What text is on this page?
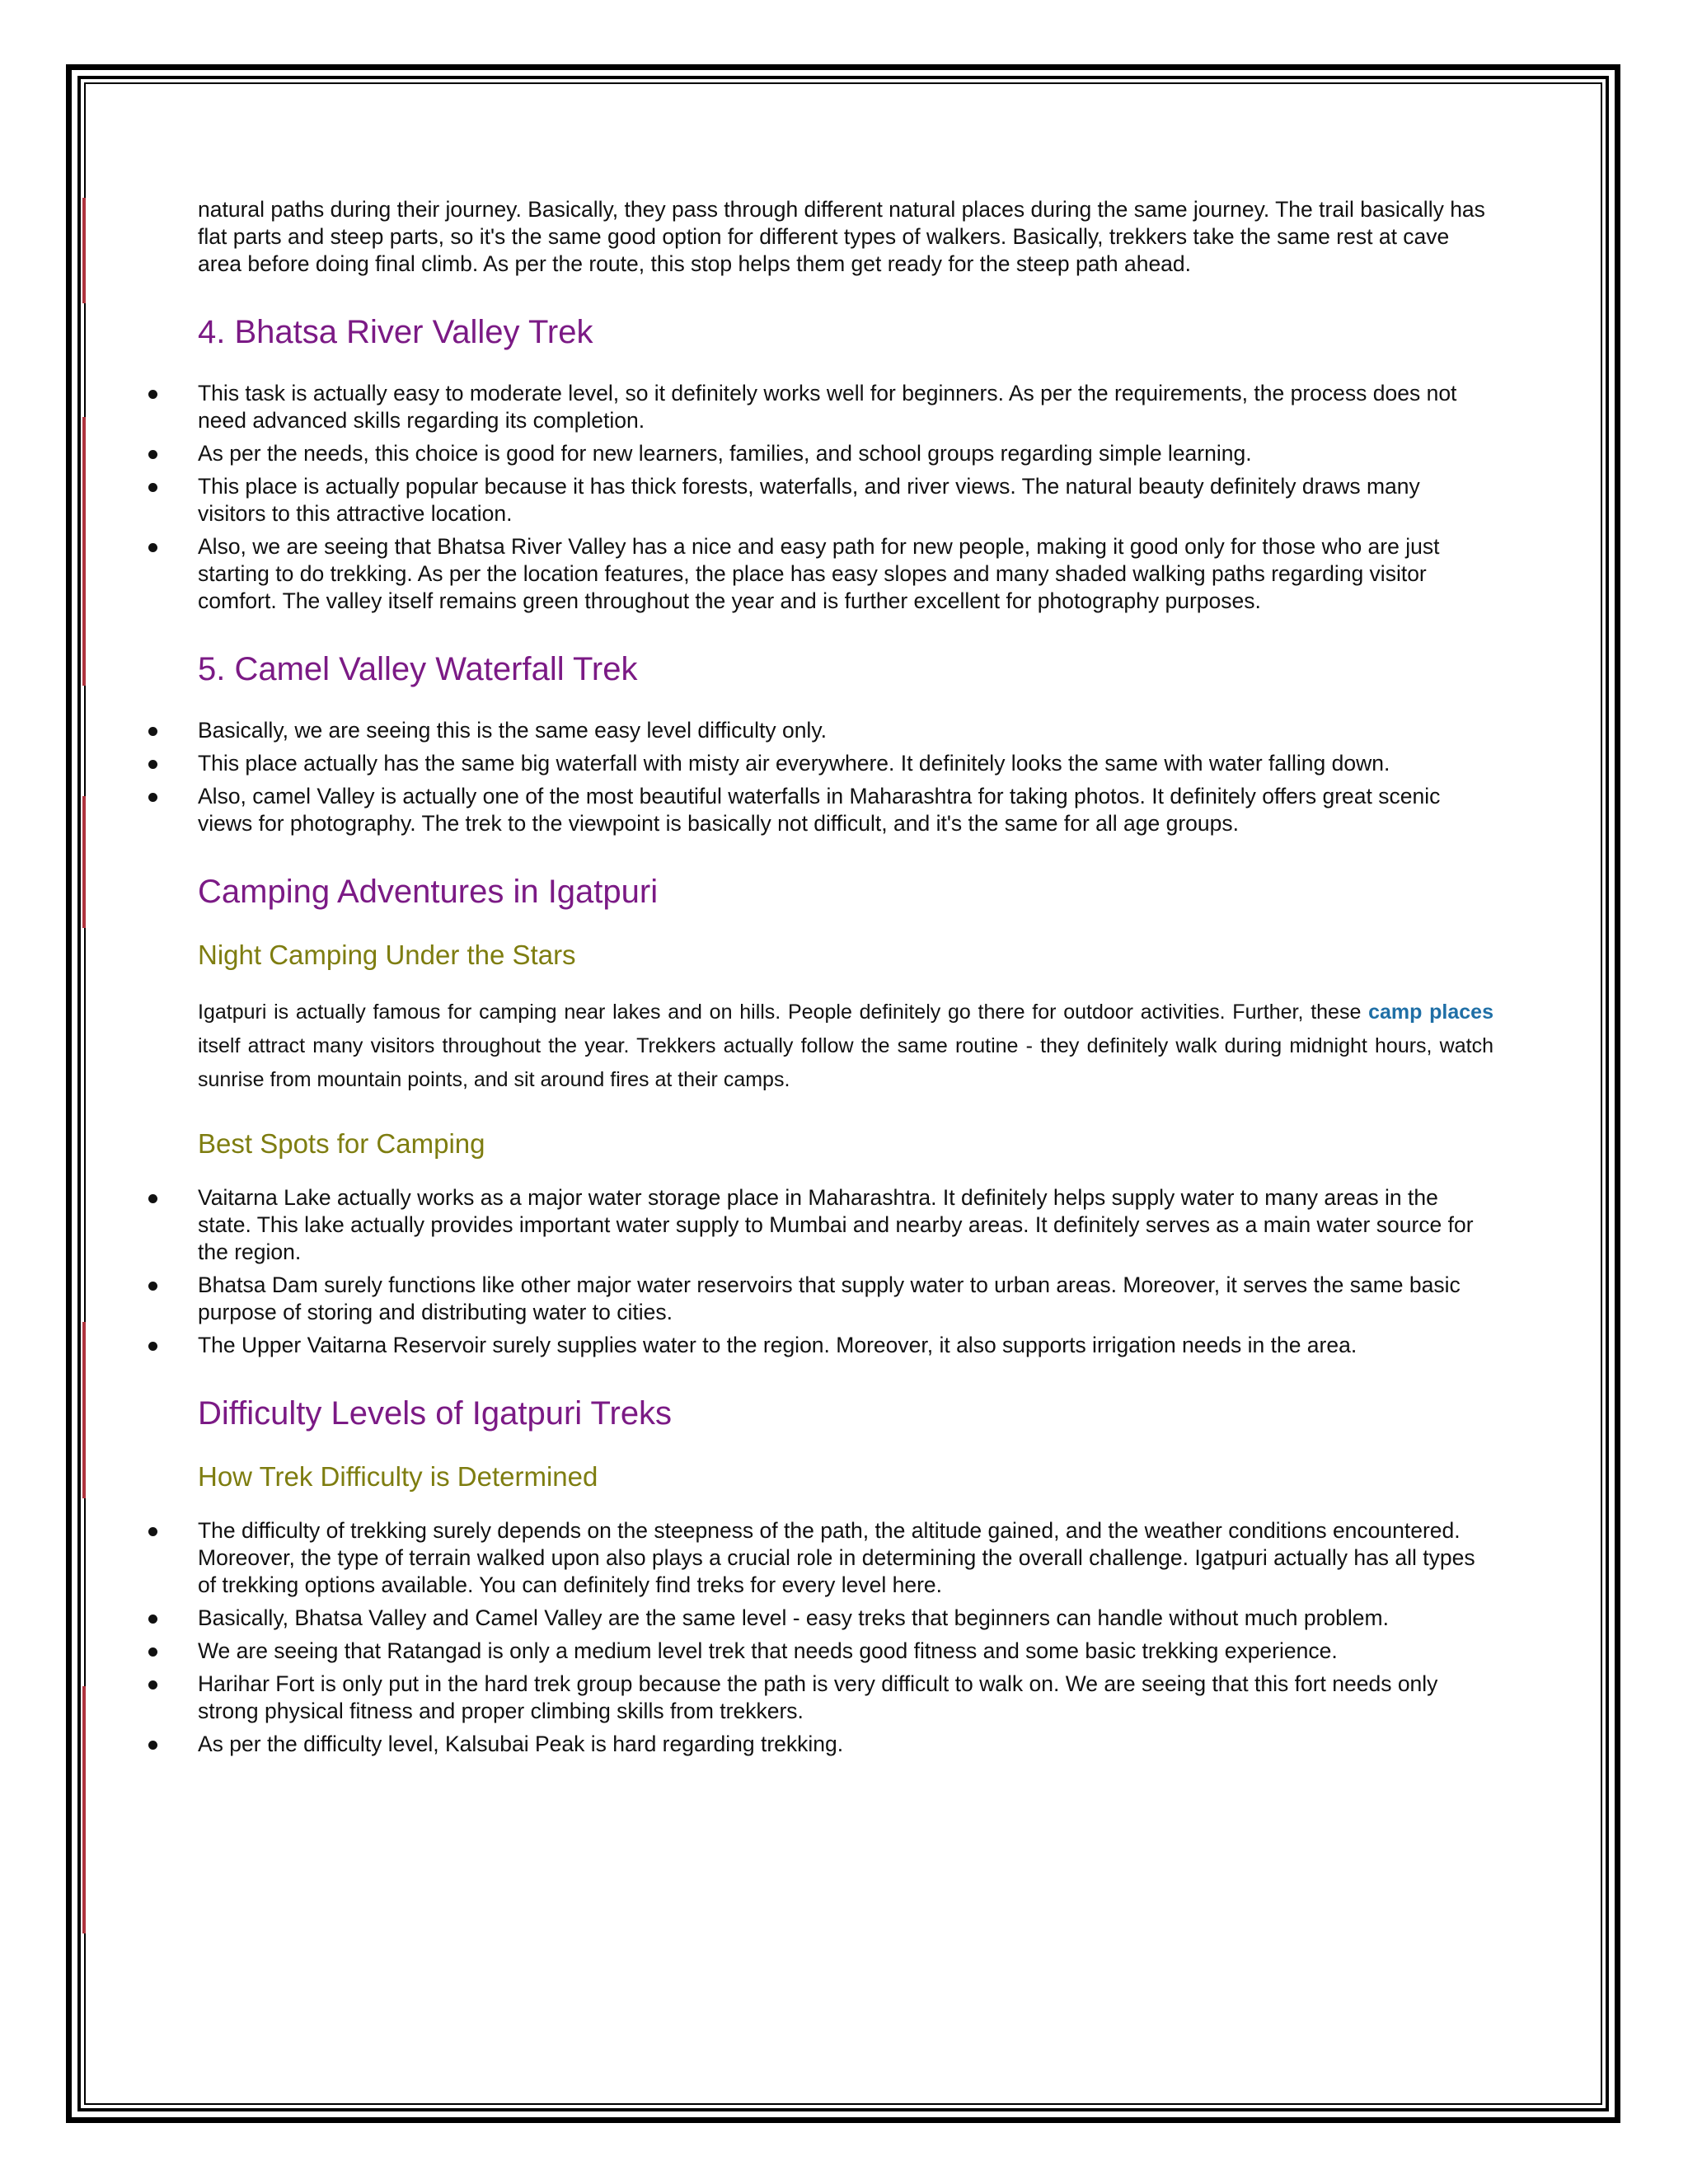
natural paths during their journey. Basically, they pass through different natural places during the same journey. The trail basically has flat parts and steep parts, so it's the same good option for different types of walkers. Basically, trekkers take the same rest at cave area before doing final climb. As per the route, this stop helps them get ready for the steep path ahead.

4. Bhatsa River Valley Trek
This task is actually easy to moderate level, so it definitely works well for beginners. As per the requirements, the process does not need advanced skills regarding its completion.
As per the needs, this choice is good for new learners, families, and school groups regarding simple learning.
This place is actually popular because it has thick forests, waterfalls, and river views. The natural beauty definitely draws many visitors to this attractive location.
Also, we are seeing that Bhatsa River Valley has a nice and easy path for new people, making it good only for those who are just starting to do trekking. As per the location features, the place has easy slopes and many shaded walking paths regarding visitor comfort. The valley itself remains green throughout the year and is further excellent for photography purposes.
5. Camel Valley Waterfall Trek
Basically, we are seeing this is the same easy level difficulty only.
This place actually has the same big waterfall with misty air everywhere. It definitely looks the same with water falling down.
Also, camel Valley is actually one of the most beautiful waterfalls in Maharashtra for taking photos. It definitely offers great scenic views for photography. The trek to the viewpoint is basically not difficult, and it's the same for all age groups.
Camping Adventures in Igatpuri
Night Camping Under the Stars

Igatpuri is actually famous for camping near lakes and on hills. People definitely go there for outdoor activities. Further, these camp places itself attract many visitors throughout the year. Trekkers actually follow the same routine - they definitely walk during midnight hours, watch sunrise from mountain points, and sit around fires at their camps.

Best Spots for Camping
Vaitarna Lake actually works as a major water storage place in Maharashtra. It definitely helps supply water to many areas in the state. This lake actually provides important water supply to Mumbai and nearby areas. It definitely serves as a main water source for the region.
Bhatsa Dam surely functions like other major water reservoirs that supply water to urban areas. Moreover, it serves the same basic purpose of storing and distributing water to cities.
The Upper Vaitarna Reservoir surely supplies water to the region. Moreover, it also supports irrigation needs in the area.
Difficulty Levels of Igatpuri Treks
How Trek Difficulty is Determined
The difficulty of trekking surely depends on the steepness of the path, the altitude gained, and the weather conditions encountered. Moreover, the type of terrain walked upon also plays a crucial role in determining the overall challenge. Igatpuri actually has all types of trekking options available. You can definitely find treks for every level here.
Basically, Bhatsa Valley and Camel Valley are the same level - easy treks that beginners can handle without much problem.
We are seeing that Ratangad is only a medium level trek that needs good fitness and some basic trekking experience.
Harihar Fort is only put in the hard trek group because the path is very difficult to walk on. We are seeing that this fort needs only strong physical fitness and proper climbing skills from trekkers.
As per the difficulty level, Kalsubai Peak is hard regarding trekking.
